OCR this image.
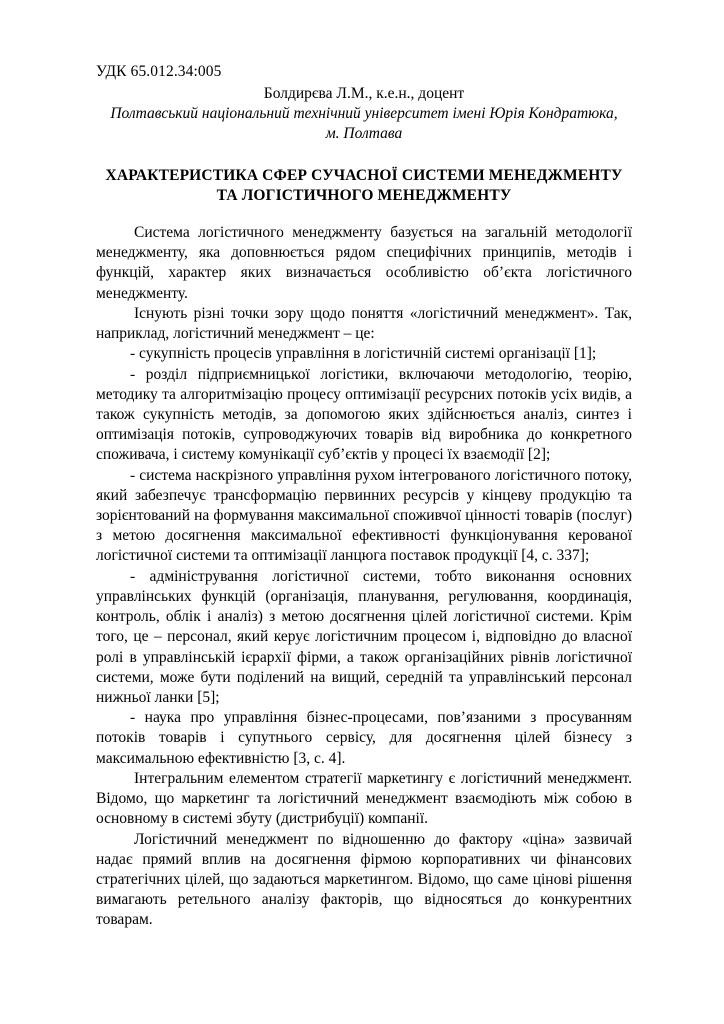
УДК 65.012.34:005
Болдирєва Л.М., к.е.н., доцент
Полтавський національний технічний університет імені Юрія Кондратюка,
м. Полтава
ХАРАКТЕРИСТИКА СФЕР СУЧАСНОЇ СИСТЕМИ МЕНЕДЖМЕНТУ
ТА ЛОГІСТИЧНОГО МЕНЕДЖМЕНТУ

Система логістичного менеджменту базується на загальній методології менеджменту, яка доповнюється рядом специфічних принципів, методів і функцій, характер яких визначається особливістю об’єкта логістичного менеджменту.

Існують різні точки зору щодо поняття «логістичний менеджмент». Так, наприклад, логістичний менеджмент – це:

- сукупність процесів управління в логістичній системі організації [1];

- розділ підприємницької логістики, включаючи методологію, теорію, методику та алгоритмізацію процесу оптимізації ресурсних потоків усіх видів, а також сукупність методів, за допомогою яких здійснюється аналіз, синтез і оптимізація потоків, супроводжуючих товарів від виробника до конкретного споживача, і систему комунікації суб’єктів у процесі їх взаємодії [2];

- система наскрізного управління рухом інтегрованого логістичного потоку, який забезпечує трансформацію первинних ресурсів у кінцеву продукцію та зорієнтований на формування максимальної споживчої цінності товарів (послуг) з метою досягнення максимальної ефективності функціонування керованої логістичної системи та оптимізації ланцюга поставок продукції [4, с. 337];

- адміністрування логістичної системи, тобто виконання основних управлінських функцій (організація, планування, регулювання, координація, контроль, облік і аналіз) з метою досягнення цілей логістичної системи. Крім того, це – персонал, який керує логістичним процесом і, відповідно до власної ролі в управлінській ієрархії фірми, а також організаційних рівнів логістичної системи, може бути поділений на вищий, середній та управлінський персонал нижньої ланки [5];

- наука про управління бізнес-процесами, пов’язаними з просуванням потоків товарів і супутнього сервісу, для досягнення цілей бізнесу з максимальною ефективністю [3, с. 4].

Інтегральним елементом стратегії маркетингу є логістичний менеджмент. Відомо, що маркетинг та логістичний менеджмент взаємодіють між собою в основному в системі збуту (дистрибуції) компанії.

Логістичний менеджмент по відношенню до фактору «ціна» зазвичай надає прямий вплив на досягнення фірмою корпоративних чи фінансових стратегічних цілей, що задаються маркетингом. Відомо, що саме цінові рішення вимагають ретельного аналізу факторів, що відносяться до конкурентних товарам.
